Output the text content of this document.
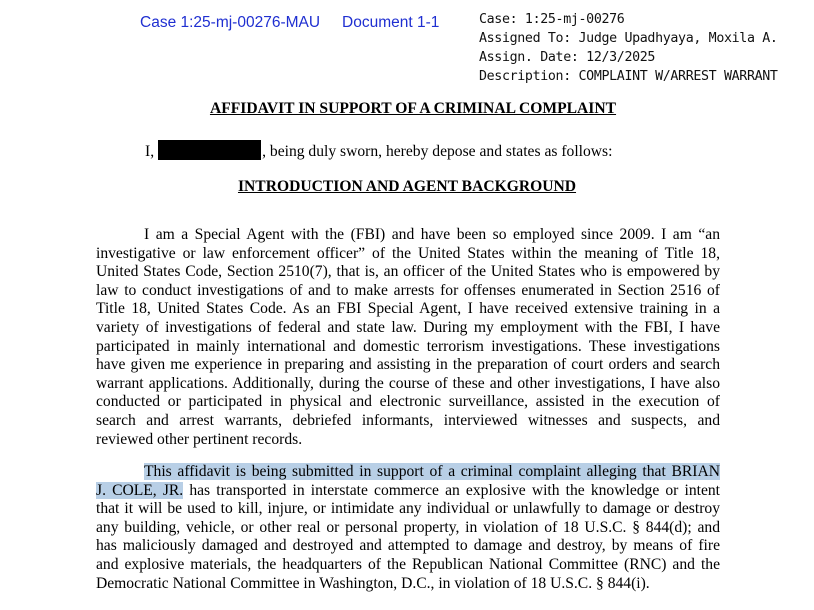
Case 1:25-mj-00276-MAU Document 1-1	Case: 1:25-mj-00276
Assigned To: Judge Upadhyaya, Moxila A.
Assign. Date: 12/3/2025
Description: COMPLAINT W/ARREST WARRANT
AFFIDAVIT IN SUPPORT OF A CRIMINAL COMPLAINT
I,	, being duly sworn, hereby depose and states as follows:
INTRODUCTION AND AGENT BACKGROUND
I am a Special Agent with the (FBI) and have been so employed since 2009. I am “an
investigative or law enforcement officer” of the United States within the meaning of Title 18,
United States Code, Section 2510(7), that is, an officer of the United States who is empowered by
law to conduct investigations of and to make arrests for offenses enumerated in Section 2516 of
Title 18, United States Code. As an FBI Special Agent, I have received extensive training in a
variety of investigations of federal and state law. During my employment with the FBI, I have
participated in mainly international and domestic terrorism investigations. These investigations
have given me experience in preparing and assisting in the preparation of court orders and search
warrant applications. Additionally, during the course of these and other investigations, I have also
conducted or participated in physical and electronic surveillance, assisted in the execution of
search and arrest warrants, debriefed informants, interviewed witnesses and suspects, and
reviewed other pertinent records.
This affidavit is being submitted in support of a criminal complaint alleging that BRIAN
J. COLE, JR. has transported in interstate commerce an explosive with the knowledge or intent
that it will be used to kill, injure, or intimidate any individual or unlawfully to damage or destroy
any building, vehicle, or other real or personal property, in violation of 18 U.S.C. § 844(d); and
has maliciously damaged and destroyed and attempted to damage and destroy, by means of fire
and explosive materials, the headquarters of the Republican National Committee (RNC) and the
Democratic National Committee in Washington, D.C., in violation of 18 U.S.C. § 844(i).
